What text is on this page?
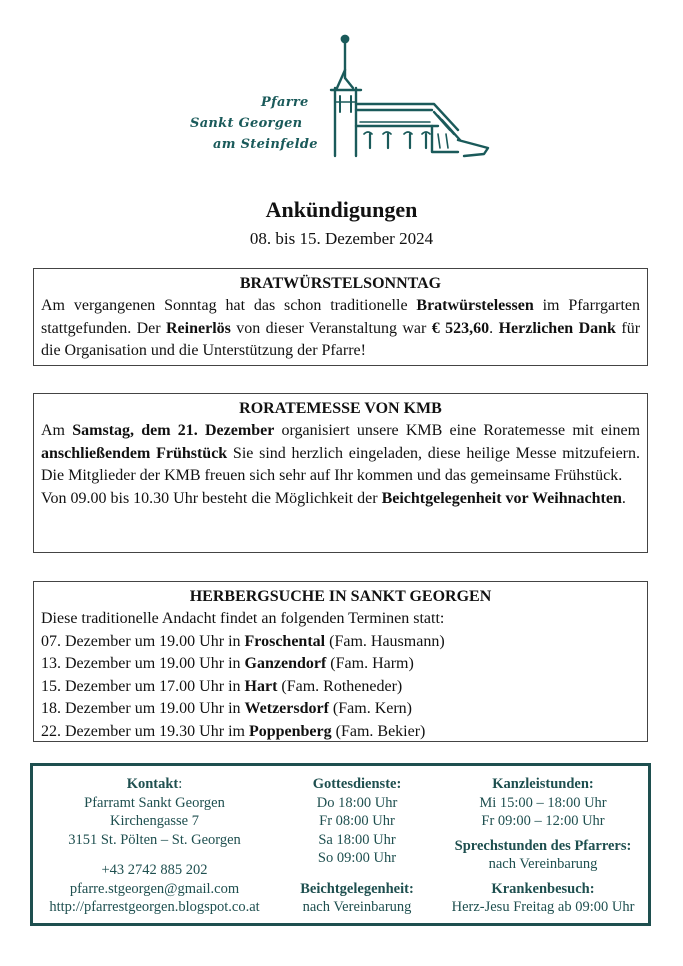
Pfarre
Sankt Georgen
am Steinfelde
Ankündigungen
08. bis 15. Dezember 2024
BRATWÜRSTELSONNTAG

Am vergangenen Sonntag hat das schon traditionelle Bratwürstelessen im Pfarrgarten stattgefunden. Der Reinerlös von dieser Veranstaltung war € 523,60. Herzlichen Dank für die Organisation und die Unterstützung der Pfarre!

RORATEMESSE VON KMB

Am Samstag, dem 21. Dezember organisiert unsere KMB eine Roratemesse mit einem anschließendem Frühstück Sie sind herzlich eingeladen, diese heilige Messe mitzufeiern. Die Mitglieder der KMB freuen sich sehr auf Ihr kommen und das gemeinsame Frühstück.

Von 09.00 bis 10.30 Uhr besteht die Möglichkeit der Beichtgelegenheit vor Weihnachten.

HERBERGSUCHE IN SANKT GEORGEN

Diese traditionelle Andacht findet an folgenden Terminen statt:

07. Dezember um 19.00 Uhr in Froschental (Fam. Hausmann)

13. Dezember um 19.00 Uhr in Ganzendorf (Fam. Harm)

15. Dezember um 17.00 Uhr in Hart (Fam. Rotheneder)

18. Dezember um 19.00 Uhr in Wetzersdorf (Fam. Kern)

22. Dezember um 19.30 Uhr im Poppenberg (Fam. Bekier)

Kontakt:
Pfarramt Sankt Georgen
Kirchengasse 7
3151 St. Pölten – St. Georgen
+43 2742 885 202
pfarre.stgeorgen@gmail.com
http://pfarrestgeorgen.blogspot.co.at
Gottesdienste:
Do 18:00 Uhr
Fr 08:00 Uhr
Sa 18:00 Uhr
So 09:00 Uhr
Beichtgelegenheit:
nach Vereinbarung
Kanzleistunden:
Mi 15:00 – 18:00 Uhr
Fr 09:00 – 12:00 Uhr
Sprechstunden des Pfarrers:
nach Vereinbarung
Krankenbesuch:
Herz-Jesu Freitag ab 09:00 Uhr
